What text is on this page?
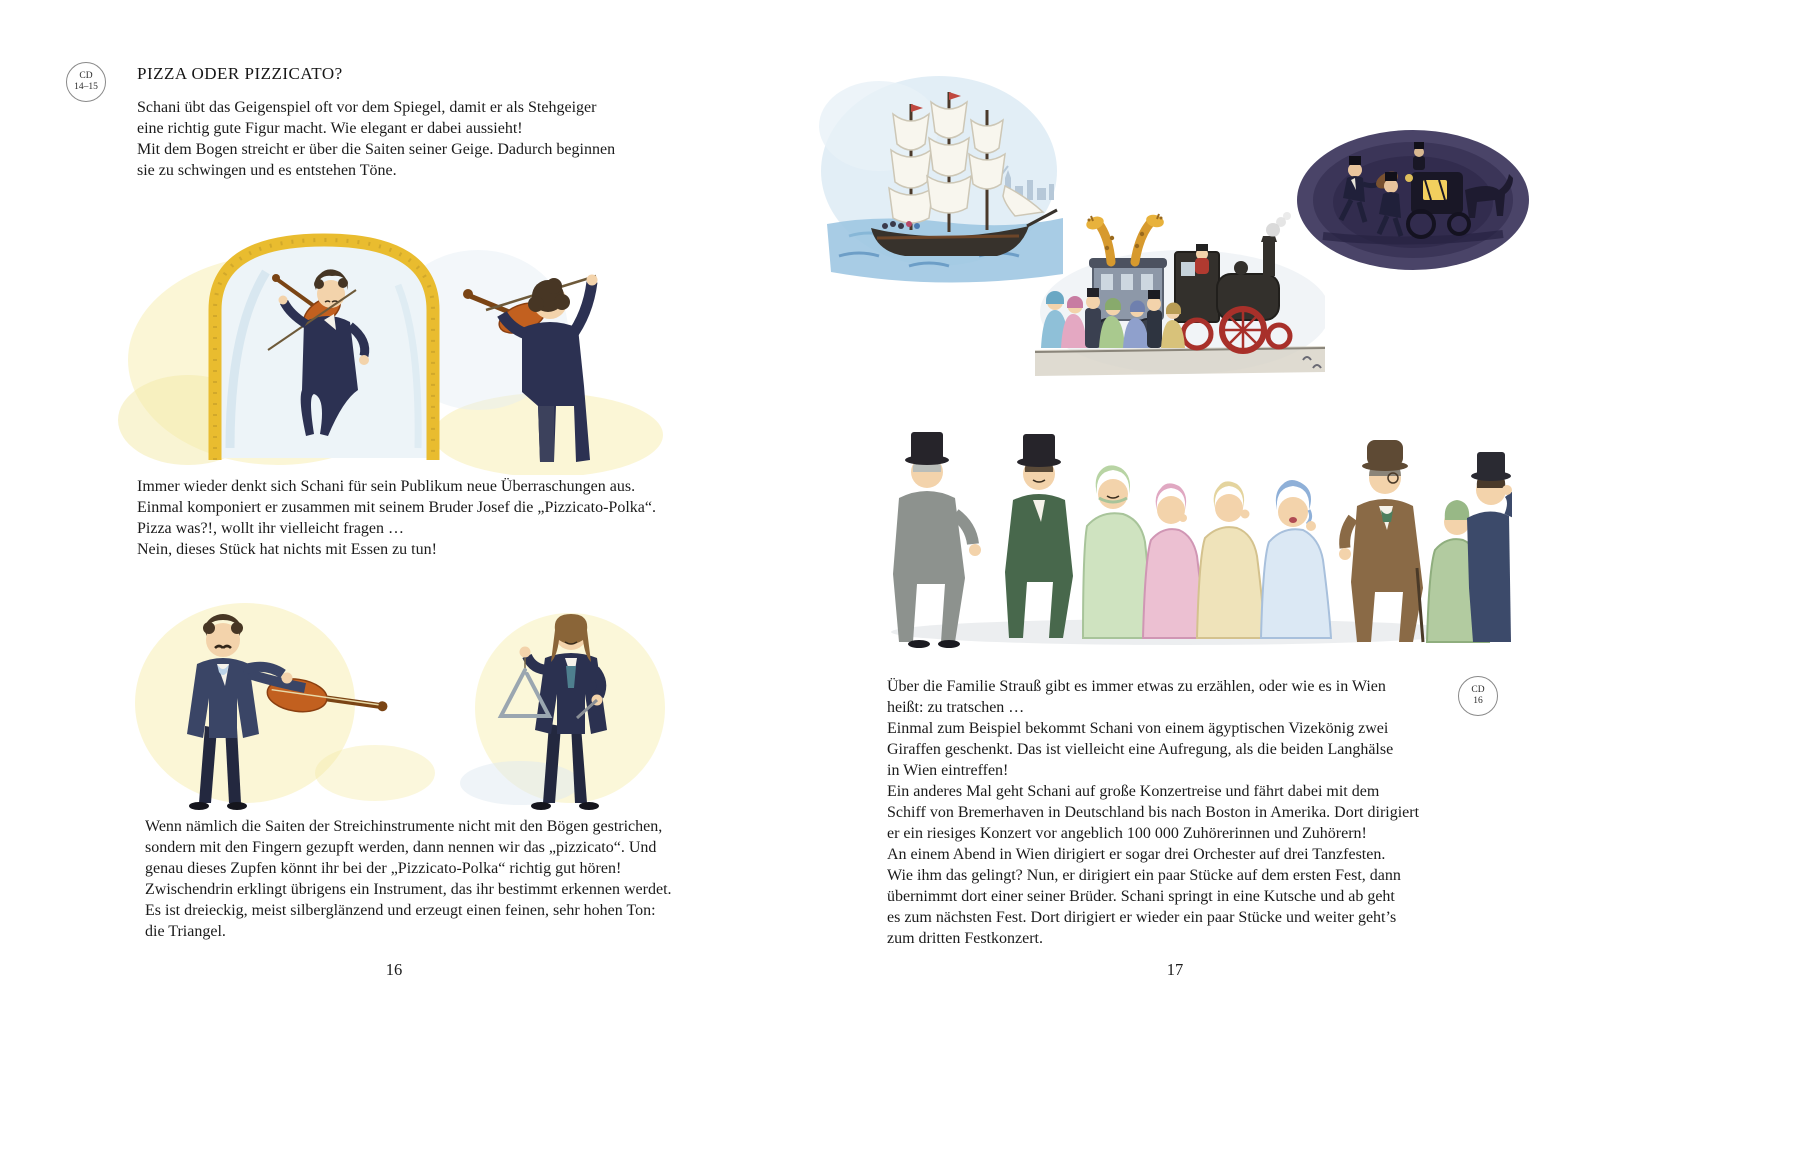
CD
14–15
PIZZA ODER PIZZICATO?

Schani übt das Geigenspiel oft vor dem Spiegel, damit er als Stehgeiger
eine richtig gute Figur macht. Wie elegant er dabei aussieht!
Mit dem Bogen streicht er über die Saiten seiner Geige. Dadurch beginnen
sie zu schwingen und es entstehen Töne.

Immer wieder denkt sich Schani für sein Publikum neue Überraschungen aus.
Einmal komponiert er zusammen mit seinem Bruder Josef die „Pizzicato-Polka“.
Pizza was?!, wollt ihr vielleicht fragen …
Nein, dieses Stück hat nichts mit Essen zu tun!

Wenn nämlich die Saiten der Streichinstrumente nicht mit den Bögen gestrichen,
sondern mit den Fingern gezupft werden, dann nennen wir das „pizzicato“. Und
genau dieses Zupfen könnt ihr bei der „Pizzicato-Polka“ richtig gut hören!
Zwischendrin erklingt übrigens ein Instrument, das ihr bestimmt erkennen werdet.
Es ist dreieckig, meist silberglänzend und erzeugt einen feinen, sehr hohen Ton:
die Triangel.

16
CD
16

Über die Familie Strauß gibt es immer etwas zu erzählen, oder wie es in Wien
heißt: zu tratschen …
Einmal zum Beispiel bekommt Schani von einem ägyptischen Vizekönig zwei
Giraffen geschenkt. Das ist vielleicht eine Aufregung, als die beiden Langhälse
in Wien eintreffen!
Ein anderes Mal geht Schani auf große Konzertreise und fährt dabei mit dem
Schiff von Bremerhaven in Deutschland bis nach Boston in Amerika. Dort dirigiert
er ein riesiges Konzert vor angeblich 100 000 Zuhörerinnen und Zuhörern!
An einem Abend in Wien dirigiert er sogar drei Orchester auf drei Tanzfesten.
Wie ihm das gelingt? Nun, er dirigiert ein paar Stücke auf dem ersten Fest, dann
übernimmt dort einer seiner Brüder. Schani springt in eine Kutsche und ab geht
es zum nächsten Fest. Dort dirigiert er wieder ein paar Stücke und weiter geht’s
zum dritten Festkonzert.

17
